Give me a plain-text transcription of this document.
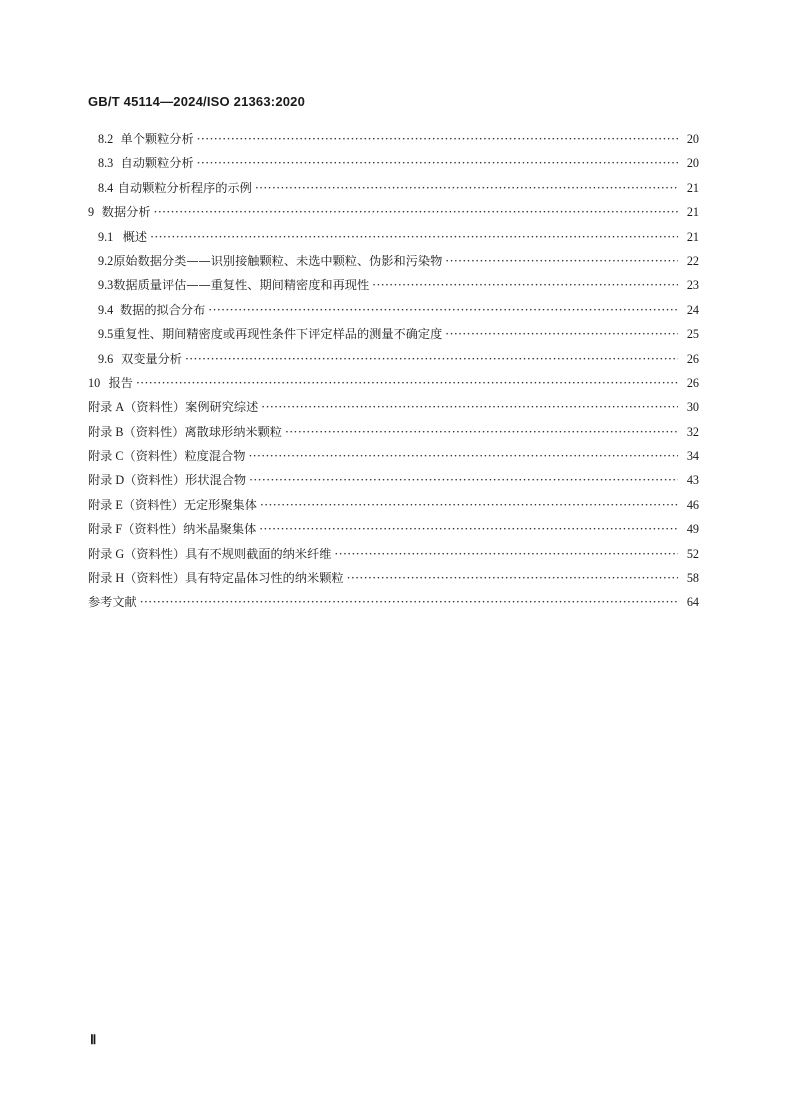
GB/T 45114—2024/ISO 21363:2020
8.2 单个颗粒分析 ·····	20
8.3 自动颗粒分析 ·····	20
8.4 自动颗粒分析程序的示例 ·····	21
9 数据分析 ·····	21
9.1 概述 ·····	21
9.2 原始数据分类——识别接触颗粒、未选中颗粒、伪影和污染物 ·····	22
9.3 数据质量评估——重复性、期间精密度和再现性 ·····	23
9.4 数据的拟合分布 ·····	24
9.5 重复性、期间精密度或再现性条件下评定样品的测量不确定度 ·····	25
9.6 双变量分析 ·····	26
10 报告 ·····	26
附录 A（资料性） 案例研究综述 ·····	30
附录 B（资料性） 离散球形纳米颗粒 ·····	32
附录 C（资料性） 粒度混合物 ·····	34
附录 D（资料性） 形状混合物 ·····	43
附录 E（资料性） 无定形聚集体 ·····	46
附录 F（资料性） 纳米晶聚集体 ·····	49
附录 G（资料性） 具有不规则截面的纳米纤维 ·····	52
附录 H（资料性） 具有特定晶体习性的纳米颗粒 ·····	58
参考文献 ·····	64
Ⅱ
